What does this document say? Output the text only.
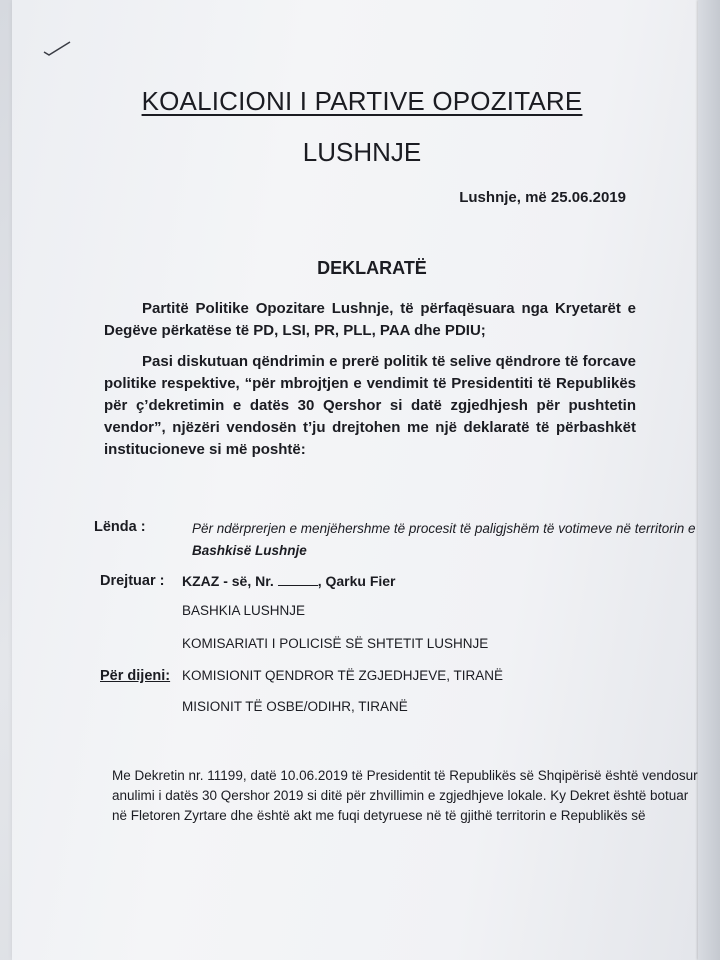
KOALICIONI I PARTIVE OPOZITARE
LUSHNJE
Lushnje, më 25.06.2019
DEKLARATË
Partitë Politike Opozitare Lushnje, të përfaqësuara nga Kryetarët e Degëve përkatëse të PD, LSI, PR, PLL, PAA dhe PDIU;
Pasi diskutuan qëndrimin e prerë politik të selive qëndrore të forcave politike respektive, “për mbrojtjen e vendimit të Presidentiti të Republikës për ç’dekretimin e datës 30 Qershor si datë zgjedhjesh për pushtetin vendor”, njëzëri vendosën t’ju drejtohen me një deklaratë të përbashkët institucioneve si më poshtë:
Lënda :	Për ndërprerjen e menjëhershme të procesit të paligjshëm të votimeve në territorin e
Bashkisë Lushnje
Drejtuar : KZAZ - së, Nr.	, Qarku Fier
BASHKIA LUSHNJE
KOMISARIATI I POLICISË SË SHTETIT LUSHNJE
Për dijeni: KOMISIONIT QENDROR TË ZGJEDHJEVE, TIRANË
MISIONIT TË OSBE/ODIHR, TIRANË
Me Dekretin nr. 11199, datë 10.06.2019 të Presidentit të Republikës së Shqipërisë është vendosur
anulimi i datës 30 Qershor 2019 si ditë për zhvillimin e zgjedhjeve lokale. Ky Dekret është botuar
në Fletoren Zyrtare dhe është akt me fuqi detyruese në të gjithë territorin e Republikës së
